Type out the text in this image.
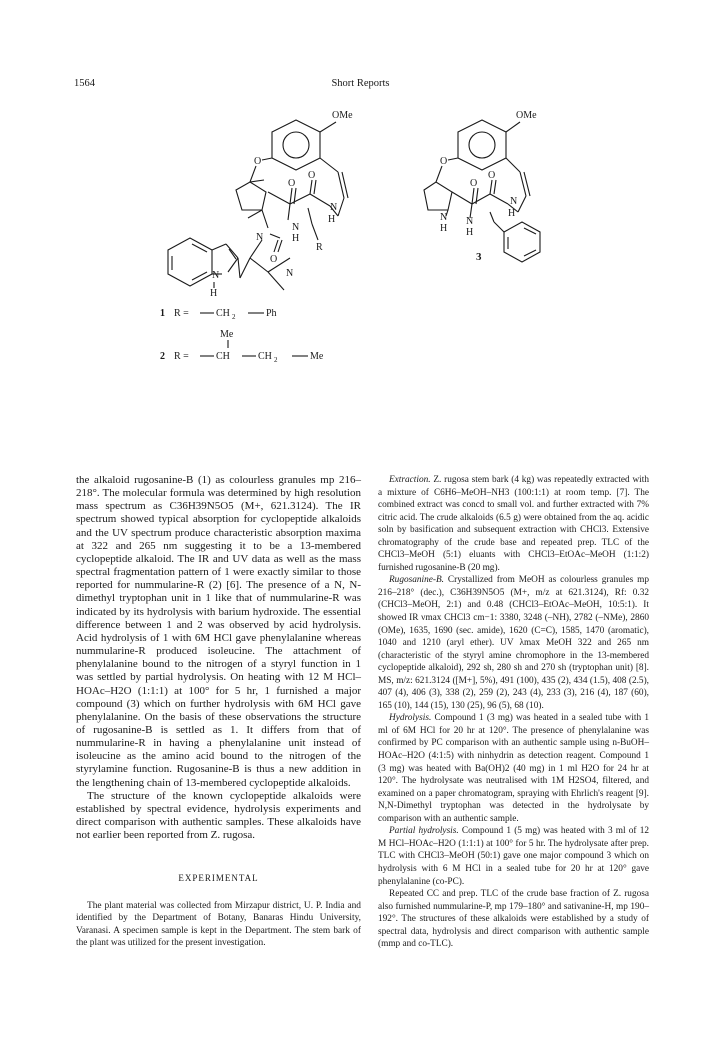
1564	Short Reports
OMe	OMe
O	O
O
O
O
O
O
N
H
N
N
H
R
N
N
H
N
H
N
H
N
H
3
1 R =	CH 2	Ph
Me
2 R =	CH	CH 2	Me

the alkaloid rugosanine-B (1) as colourless granules mp 216–218°. The molecular formula was determined by high resolution mass spectrum as C36H39N5O5 (M+, 621.3124). The IR spectrum showed typical absorption for cyclopeptide alkaloids and the UV spectrum produce characteristic absorption maxima at 322 and 265 nm suggesting it to be a 13-membered cyclopeptide alkaloid. The IR and UV data as well as the mass spectral fragmentation pattern of 1 were exactly similar to those reported for nummularine-R (2) [6]. The presence of a N, N-dimethyl tryptophan unit in 1 like that of nummularine-R was indicated by its hydrolysis with barium hydroxide. The essential difference between 1 and 2 was observed by acid hydrolysis. Acid hydrolysis of 1 with 6M HCl gave phenylalanine whereas nummularine-R produced isoleucine. The attachment of phenylalanine bound to the nitrogen of a styryl function in 1 was settled by partial hydrolysis. On heating with 12 M HCl–HOAc–H2O (1:1:1) at 100° for 5 hr, 1 furnished a major compound (3) which on further hydrolysis with 6M HCl gave phenylalanine. On the basis of these observations the structure of rugosanine-B is settled as 1. It differs from that of nummularine-R in having a phenylalanine unit instead of isoleucine as the amino acid bound to the nitrogen of the styrylamine function. Rugosanine-B is thus a new addition in the lengthening chain of 13-membered cyclopeptide alkaloids.

The structure of the known cyclopeptide alkaloids were established by spectral evidence, hydrolysis experiments and direct comparison with authentic samples. These alkaloids have not earlier been reported from Z. rugosa.

EXPERIMENTAL

The plant material was collected from Mirzapur district, U. P. India and identified by the Department of Botany, Banaras Hindu University, Varanasi. A specimen sample is kept in the Department. The stem bark of the plant was utilized for the present investigation.

Extraction. Z. rugosa stem bark (4 kg) was repeatedly extracted with a mixture of C6H6–MeOH–NH3 (100:1:1) at room temp. [7]. The combined extract was concd to small vol. and further extracted with 7% citric acid. The crude alkaloids (6.5 g) were obtained from the aq. acidic soln by basification and subsequent extraction with CHCl3. Extensive chromatography of the crude base and repeated prep. TLC of the CHCl3–MeOH (5:1) eluants with CHCl3–EtOAc–MeOH (1:1:2) furnished rugosanine-B (20 mg).

Rugosanine-B. Crystallized from MeOH as colourless granules mp 216–218° (dec.), C36H39N5O5 (M+, m/z at 621.3124), Rf: 0.32 (CHCl3–MeOH, 2:1) and 0.48 (CHCl3–EtOAc–MeOH, 10:5:1). It showed IR νmax CHCl3 cm−1: 3380, 3248 (–NH), 2782 (–NMe), 2860 (OMe), 1635, 1690 (sec. amide), 1620 (C=C), 1585, 1470 (aromatic), 1040 and 1210 (aryl ether). UV λmax MeOH 322 and 265 nm (characteristic of the styryl amine chromophore in the 13-membered cyclopeptide alkaloid), 292 sh, 280 sh and 270 sh (tryptophan unit) [8]. MS, m/z: 621.3124 ([M+], 5%), 491 (100), 435 (2), 434 (1.5), 408 (2.5), 407 (4), 406 (3), 338 (2), 259 (2), 243 (4), 233 (3), 216 (4), 187 (60), 165 (10), 144 (15), 130 (25), 96 (5), 68 (10).

Hydrolysis. Compound 1 (3 mg) was heated in a sealed tube with 1 ml of 6M HCl for 20 hr at 120°. The presence of phenylalanine was confirmed by PC comparison with an authentic sample using n-BuOH–HOAc–H2O (4:1:5) with ninhydrin as detection reagent. Compound 1 (3 mg) was heated with Ba(OH)2 (40 mg) in 1 ml H2O for 24 hr at 120°. The hydrolysate was neutralised with 1M H2SO4, filtered, and examined on a paper chromatogram, spraying with Ehrlich's reagent [9]. N,N-Dimethyl tryptophan was detected in the hydrolysate by comparison with an authentic sample.

Partial hydrolysis. Compound 1 (5 mg) was heated with 3 ml of 12 M HCl–HOAc–H2O (1:1:1) at 100° for 5 hr. The hydrolysate after prep. TLC with CHCl3–MeOH (50:1) gave one major compound 3 which on hydrolysis with 6 M HCl in a sealed tube for 20 hr at 120° gave phenylalanine (co-PC).

Repeated CC and prep. TLC of the crude base fraction of Z. rugosa also furnished nummularine-P, mp 179–180° and sativanine-H, mp 190–192°. The structures of these alkaloids were established by a study of spectral data, hydrolysis and direct comparison with authentic sample (mmp and co-TLC).
